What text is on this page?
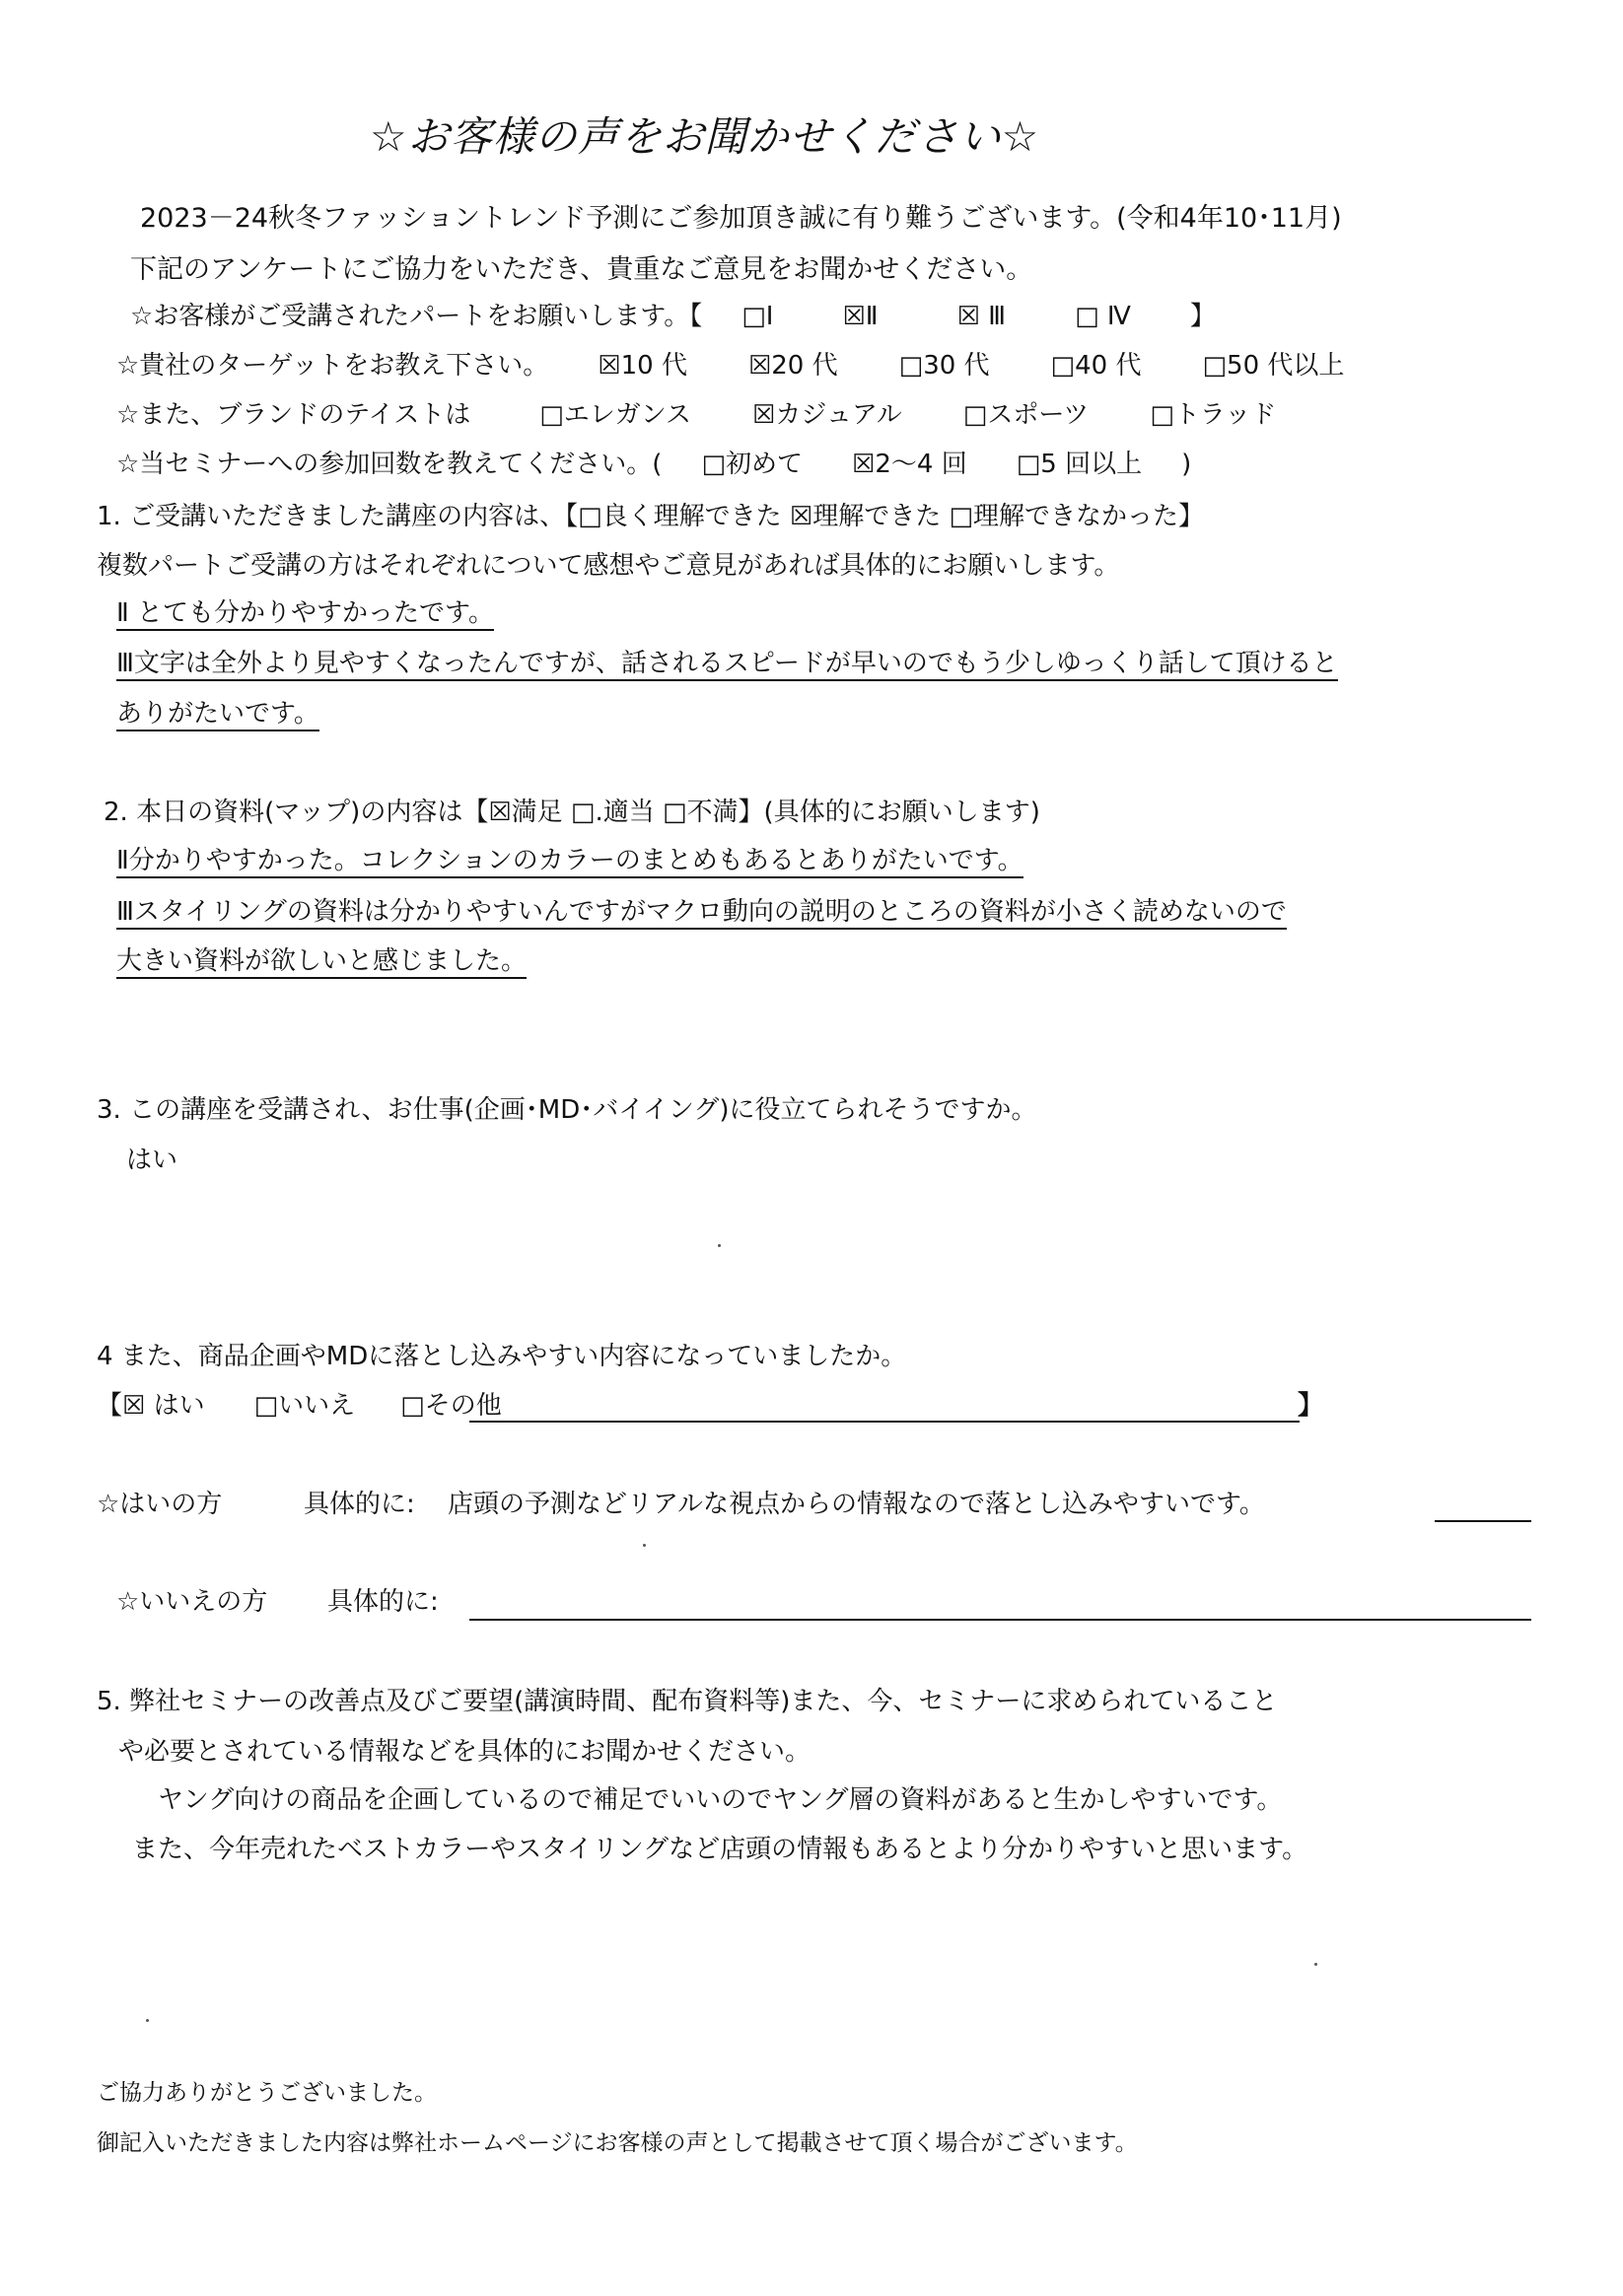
☆お客様の声をお聞かせください☆
2023－24秋冬ファッショントレンド予測にご参加頂き誠に有り難うございます。(令和4年10･11月)
下記のアンケートにご協力をいただき、貴重なご意見をお聞かせください。
☆お客様がご受講されたパートをお願いします。【 □Ⅰ	☒Ⅱ	☒ Ⅲ	□ Ⅳ 】
☆貴社のターゲットをお教え下さい。 ☒10 代 ☒20 代 □30 代 □40 代 □50 代以上
☆また、ブランドのテイストは	□エレガンス ☒カジュアル □スポーツ □トラッド
☆当セミナーへの参加回数を教えてください。( □初めて ☒2～4 回 □5 回以上 )
1. ご受講いただきました講座の内容は、【□良く理解できた ☒理解できた □理解できなかった】
複数パートご受講の方はそれぞれについて感想やご意見があれば具体的にお願いします。
Ⅱ とても分かりやすかったです。
Ⅲ文字は全外より見やすくなったんですが、話されるスピードが早いのでもう少しゆっくり話して頂けると
ありがたいです。
2. 本日の資料(マップ)の内容は【☒満足 □.適当 □不満】(具体的にお願いします)
Ⅱ分かりやすかった。コレクションのカラーのまとめもあるとありがたいです。
Ⅲスタイリングの資料は分かりやすいんですがマクロ動向の説明のところの資料が小さく読めないので
大きい資料が欲しいと感じました。
3. この講座を受講され、お仕事(企画･MD･バイイング)に役立てられそうですか。
はい
4 また、商品企画やMDに落とし込みやすい内容になっていましたか。
【☒ はい □いいえ □その他	】
☆はいの方	具体的に: 店頭の予測などリアルな視点からの情報なので落とし込みやすいです。
☆いいえの方 具体的に:
5. 弊社セミナーの改善点及びご要望(講演時間、配布資料等)また、今、セミナーに求められていること
や必要とされている情報などを具体的にお聞かせください。
ヤング向けの商品を企画しているので補足でいいのでヤング層の資料があると生かしやすいです。
また、今年売れたベストカラーやスタイリングなど店頭の情報もあるとより分かりやすいと思います。
ご協力ありがとうございました。
御記入いただきました内容は弊社ホームページにお客様の声として掲載させて頂く場合がございます。
